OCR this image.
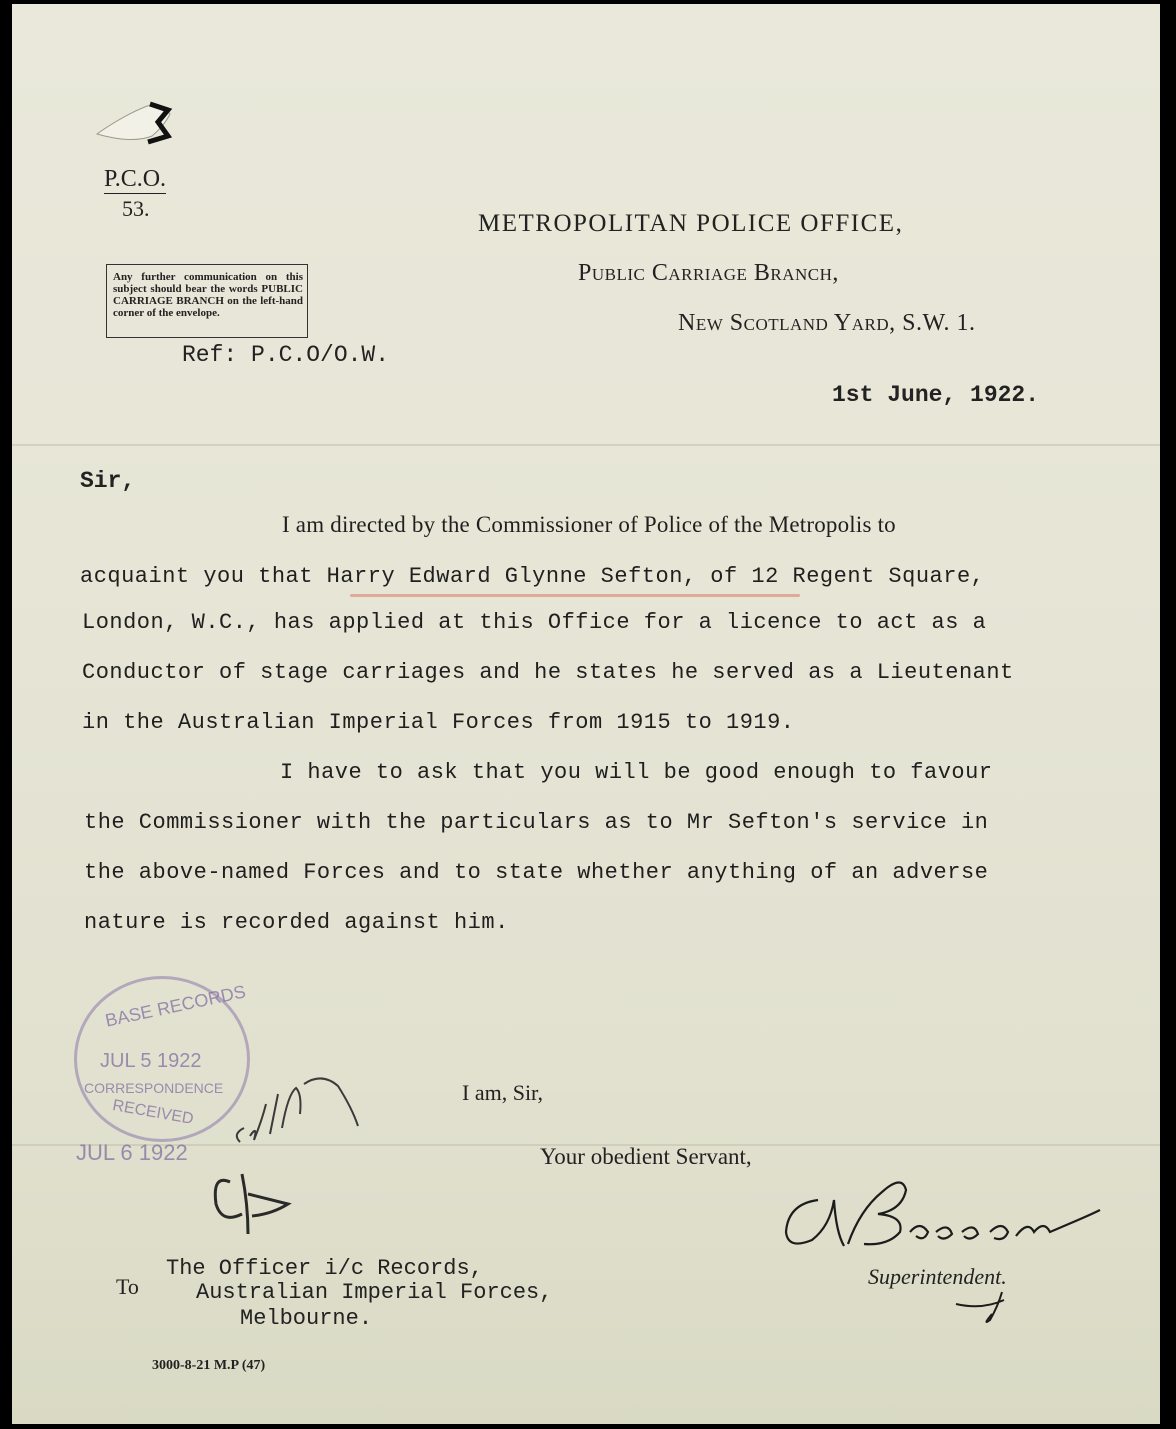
P.C.O.
53.
METROPOLITAN POLICE OFFICE,
Public Carriage Branch,
New Scotland Yard, S.W. 1.
Any further communication on this subject should bear the words PUBLIC CARRIAGE BRANCH on the left-hand corner of the envelope.
Ref: P.C.O/O.W.
1st June, 1922.
Sir,
I am directed by the Commissioner of Police of the Metropolis to
acquaint you that Harry Edward Glynne Sefton, of 12 Regent Square,
London, W.C., has applied at this Office for a licence to act as a
Conductor of stage carriages and he states he served as a Lieutenant
in the Australian Imperial Forces from 1915 to 1919.
I have to ask that you will be good enough to favour
the Commissioner with the particulars as to Mr Sefton's service in
the above-named Forces and to state whether anything of an adverse
nature is recorded against him.
BASE RECORDS
JUL 5 1922
CORRESPONDENCE
RECEIVED
JUL 6 1922
I am, Sir,
Your obedient Servant,
Superintendent.
To
The Officer i/c Records,
Australian Imperial Forces,
Melbourne.
3000-8-21 M.P (47)
